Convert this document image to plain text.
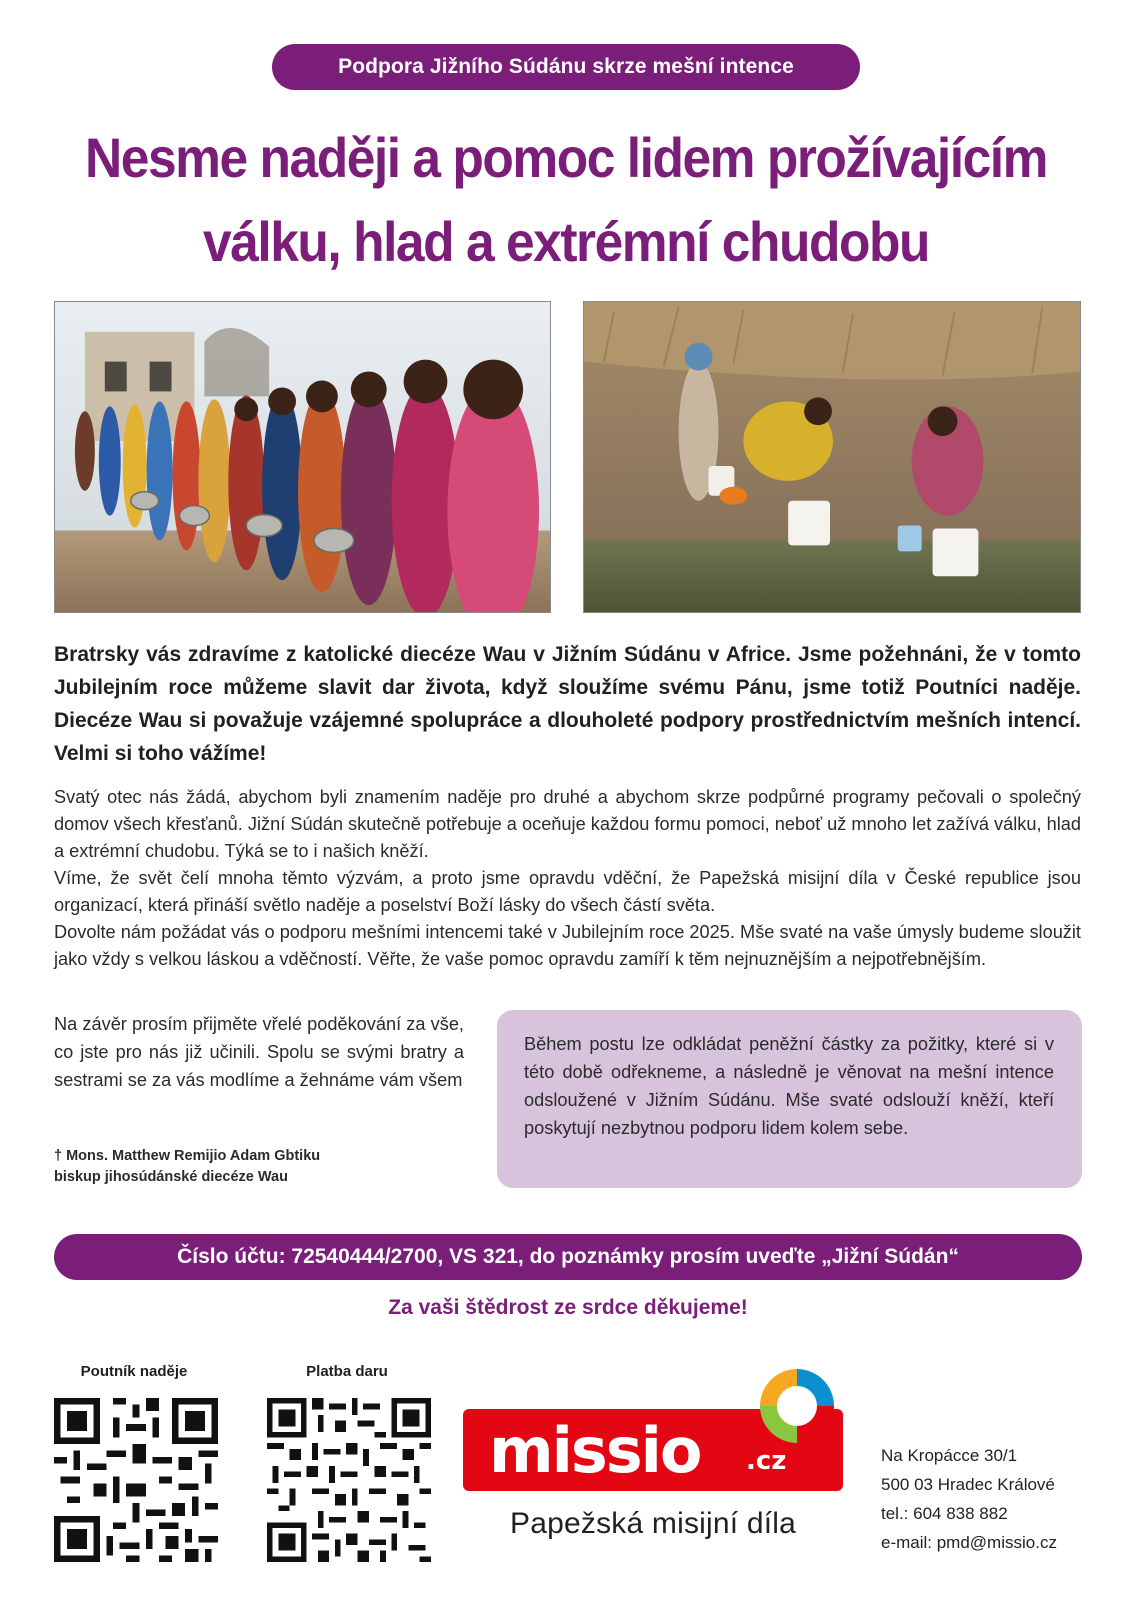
Podpora Jižního Súdánu skrze mešní intence
Nesme naději a pomoc lidem prožívajícím
válku, hlad a extrémní chudobu
Bratrsky vás zdravíme z katolické diecéze Wau v Jižním Súdánu v Africe. Jsme požehnáni, že v tomto Jubilejním roce můžeme slavit dar života, když sloužíme svému Pánu, jsme totiž Poutníci naděje. Diecéze Wau si považuje vzájemné spolupráce a dlouholeté podpory prostřednictvím mešních intencí. Velmi si toho vážíme!

Svatý otec nás žádá, abychom byli znamením naděje pro druhé a abychom skrze podpůrné programy pečovali o společný domov všech křesťanů. Jižní Súdán skutečně potřebuje a oceňuje každou formu pomoci, neboť už mnoho let zažívá válku, hlad a extrémní chudobu. Týká se to i našich kněží.

Víme, že svět čelí mnoha těmto výzvám, a proto jsme opravdu vděční, že Papežská misijní díla v České republice jsou organizací, která přináší světlo naděje a poselství Boží lásky do všech částí světa.

Dovolte nám požádat vás o podporu mešními intencemi také v Jubilejním roce 2025. Mše svaté na vaše úmysly budeme sloužit jako vždy s velkou láskou a vděčností. Věřte, že vaše pomoc opravdu zamíří k těm nejnuznějším a nejpotřebnějším.

Na závěr prosím přijměte vřelé poděkování za vše, co jste pro nás již učinili. Spolu se svými bratry a sestrami se za vás modlíme a žehnáme vám všem
† Mons. Matthew Remijio Adam Gbtiku
biskup jihosúdánské diecéze Wau
Během postu lze odkládat peněžní částky za požitky, které si v této době odřekneme, a následně je věnovat na mešní intence odsloužené v Jižním Súdánu. Mše svaté odslouží kněží, kteří poskytují nezbytnou podporu lidem kolem sebe.
Číslo účtu: 72540444/2700, VS 321, do poznámky prosím uveďte „Jižní Súdán“
Za vaši štědrost ze srdce děkujeme!
Poutník naděje	Platba daru
missio .cz
Papežská misijní díla
Na Kropácce 30/1
500 03 Hradec Králové
tel.: 604 838 882
e-mail: pmd@missio.cz
